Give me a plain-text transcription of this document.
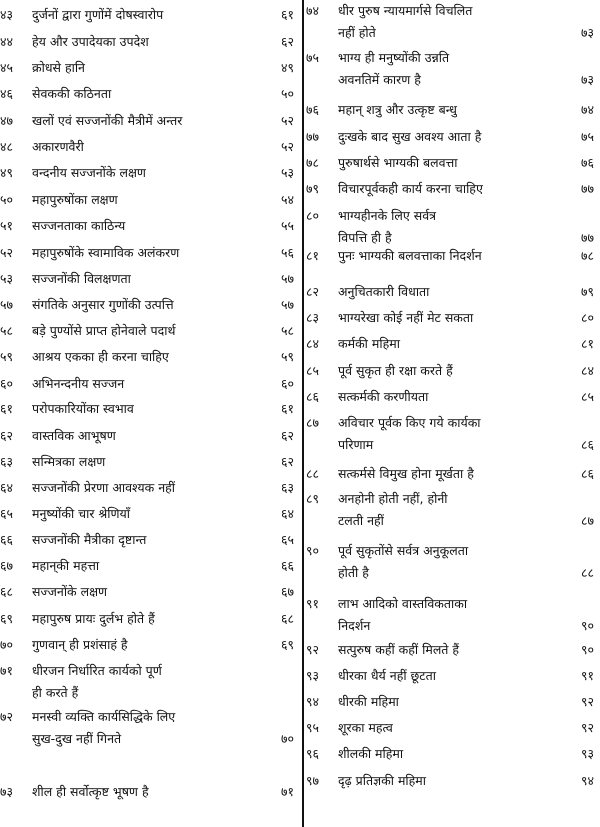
४३	दुर्जनों द्वारा गुणोंमें दोषस्वारोप	६१
४४	हेय और उपादेयका उपदेश	६२
४५	क्रोधसे हानि	४९
४६	सेवककी कठिनता	५०
४७	खलों एवं सज्जनोंकी मैत्रीमें अन्तर	५२
४८	अकारणवैरी	५२
४९	वन्दनीय सज्जनोंके लक्षण	५३
५०	महापुरुषोंका लक्षण	५४
५१	सज्जनताका काठिन्य	५५
५२	महापुरुषोंके स्वामाविक अलंकरण	५६
५३	सज्जनोंकी विलक्षणता	५७
५७	संगतिके अनुसार गुणोंकी उत्पत्ति	५७
५८	बड़े पुण्योंसे प्राप्त होनेवाले पदार्थ	५८
५९	आश्रय एकका ही करना चाहिए	५९
६०	अभिनन्दनीय सज्जन	६०
६१	परोपकारियोंका स्वभाव	६१
६२	वास्तविक आभूषण	६२
६३	सन्मित्रका लक्षण	६२
६४	सज्जनोंकी प्रेरणा आवश्यक नहीं	६३
६५	मनुष्योंकी चार श्रेणियाँ	६४
६६	सज्जनोंकी मैत्रीका दृष्टान्त	६५
६७	महान्‌की महत्ता	६६
६८	सज्जनोंके लक्षण	६७
६९	महापुरुष प्रायः दुर्लभ होते हैं	६८
७०	गुणवान्‌ ही प्रशंसाहं है	६९
७१	धीरजन निर्धारित कार्यको पूर्ण
ही करते हैं
७२	मनस्वी व्यक्ति कार्यसिद्धिके लिए
सुख-दुख नहीं गिनते	७०
७३	शील ही सर्वोत्कृष्ट भूषण है	७१
७४	धीर पुरुष न्यायमार्गसे विचलित
नहीं होते	७३
७५	भाग्य ही मनुष्योंकी उन्नति
अवनतिमें कारण है	७३
७६	महान् शत्रु और उत्कृष्ट बन्धु	७४
७७	दुःखके बाद सुख अवश्य आता है	७५
७८	पुरुषार्थसे भाग्यकी बलवत्ता	७६
७९	विचारपूर्वकही कार्य करना चाहिए	७७
८०	भाग्यहीनके लिए सर्वत्र
विपत्ति ही है	७७
८१	पुनः भाग्यकी बलवत्ताका निदर्शन	७८
८२	अनुचितकारी विधाता	७९
८३	भाग्यरेखा कोई नहीं मेट सकता	८०
८४	कर्मकी महिमा	८१
८५	पूर्व सुकृत ही रक्षा करते हैं	८४
८६	सत्कर्मकी करणीयता	८५
८७	अविचार पूर्वक किए गये कार्यका
परिणाम	८६
८८	सत्कर्मसे विमुख होना मूर्खता है	८६
८९	अनहोनी होती नहीं, होनी
टलती नहीं	८७
९०	पूर्व सुकृतोंसे सर्वत्र अनुकूलता
होती है	८८
९१	लाभ आदिको वास्तविकताका
निदर्शन	९०
९२	सत्पुरुष कहीं कहीं मिलते हैं	९०
९३	धीरका धैर्य नहीं छूटता	९१
९४	धीरकी महिमा	९२
९५	शूरका महत्व	९२
९६	शीलकी महिमा	९३
९७	दृढ़ प्रतिज्ञकी महिमा	९४
